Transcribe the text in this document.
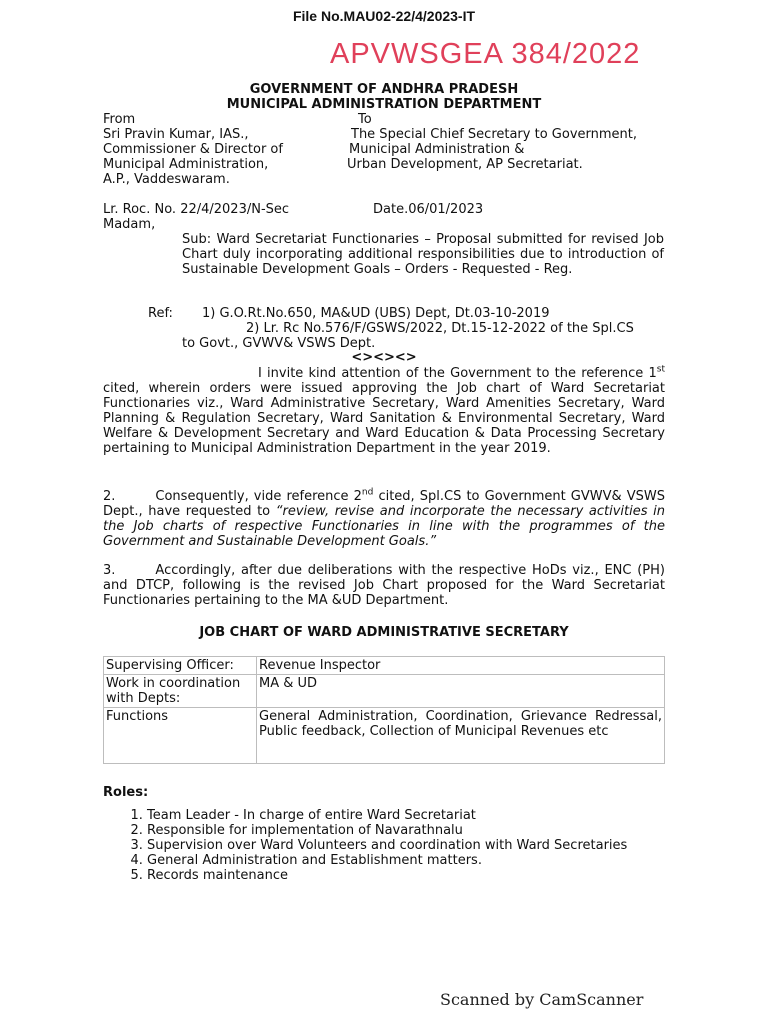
File No.MAU02-22/4/2023-IT
APVWSGEA 384/2022
GOVERNMENT OF ANDHRA PRADESH
MUNICIPAL ADMINISTRATION DEPARTMENT
From
Sri Pravin Kumar, IAS.,
Commissioner & Director of
Municipal Administration,
A.P., Vaddeswaram.
To
The Special Chief Secretary to Government,
Municipal Administration &
Urban Development, AP Secretariat.
Lr. Roc. No. 22/4/2023/N-Sec	Date.06/01/2023
Madam,
Sub: Ward Secretariat Functionaries – Proposal submitted for revised Job Chart duly incorporating additional responsibilities due to introduction of Sustainable Development Goals – Orders - Requested - Reg.
Ref: 1) G.O.Rt.No.650, MA&UD (UBS) Dept, Dt.03-10-2019
2) Lr. Rc No.576/F/GSWS/2022, Dt.15-12-2022 of the Spl.CS
to Govt., GVWV& VSWS Dept.
<><><>
I invite kind attention of the Government to the reference 1st cited, wherein orders were issued approving the Job chart of Ward Secretariat Functionaries viz., Ward Administrative Secretary, Ward Amenities Secretary, Ward Planning & Regulation Secretary, Ward Sanitation & Environmental Secretary, Ward Welfare & Development Secretary and Ward Education & Data Processing Secretary pertaining to Municipal Administration Department in the year 2019.
2.	Consequently, vide reference 2nd cited, Spl.CS to Government GVWV& VSWS Dept., have requested to “review, revise and incorporate the necessary activities in the Job charts of respective Functionaries in line with the programmes of the Government and Sustainable Development Goals.”
3.	Accordingly, after due deliberations with the respective HoDs viz., ENC (PH) and DTCP, following is the revised Job Chart proposed for the Ward Secretariat Functionaries pertaining to the MA &UD Department.
JOB CHART OF WARD ADMINISTRATIVE SECRETARY
Supervising Officer:	Revenue Inspector
Work in coordination with Depts:	MA & UD
Functions	General Administration, Coordination, Grievance Redressal, Public feedback, Collection of Municipal Revenues etc
Roles:
1. Team Leader - In charge of entire Ward Secretariat
2. Responsible for implementation of Navarathnalu
3. Supervision over Ward Volunteers and coordination with Ward Secretaries
4. General Administration and Establishment matters.
5. Records maintenance
Scanned by CamScanner
